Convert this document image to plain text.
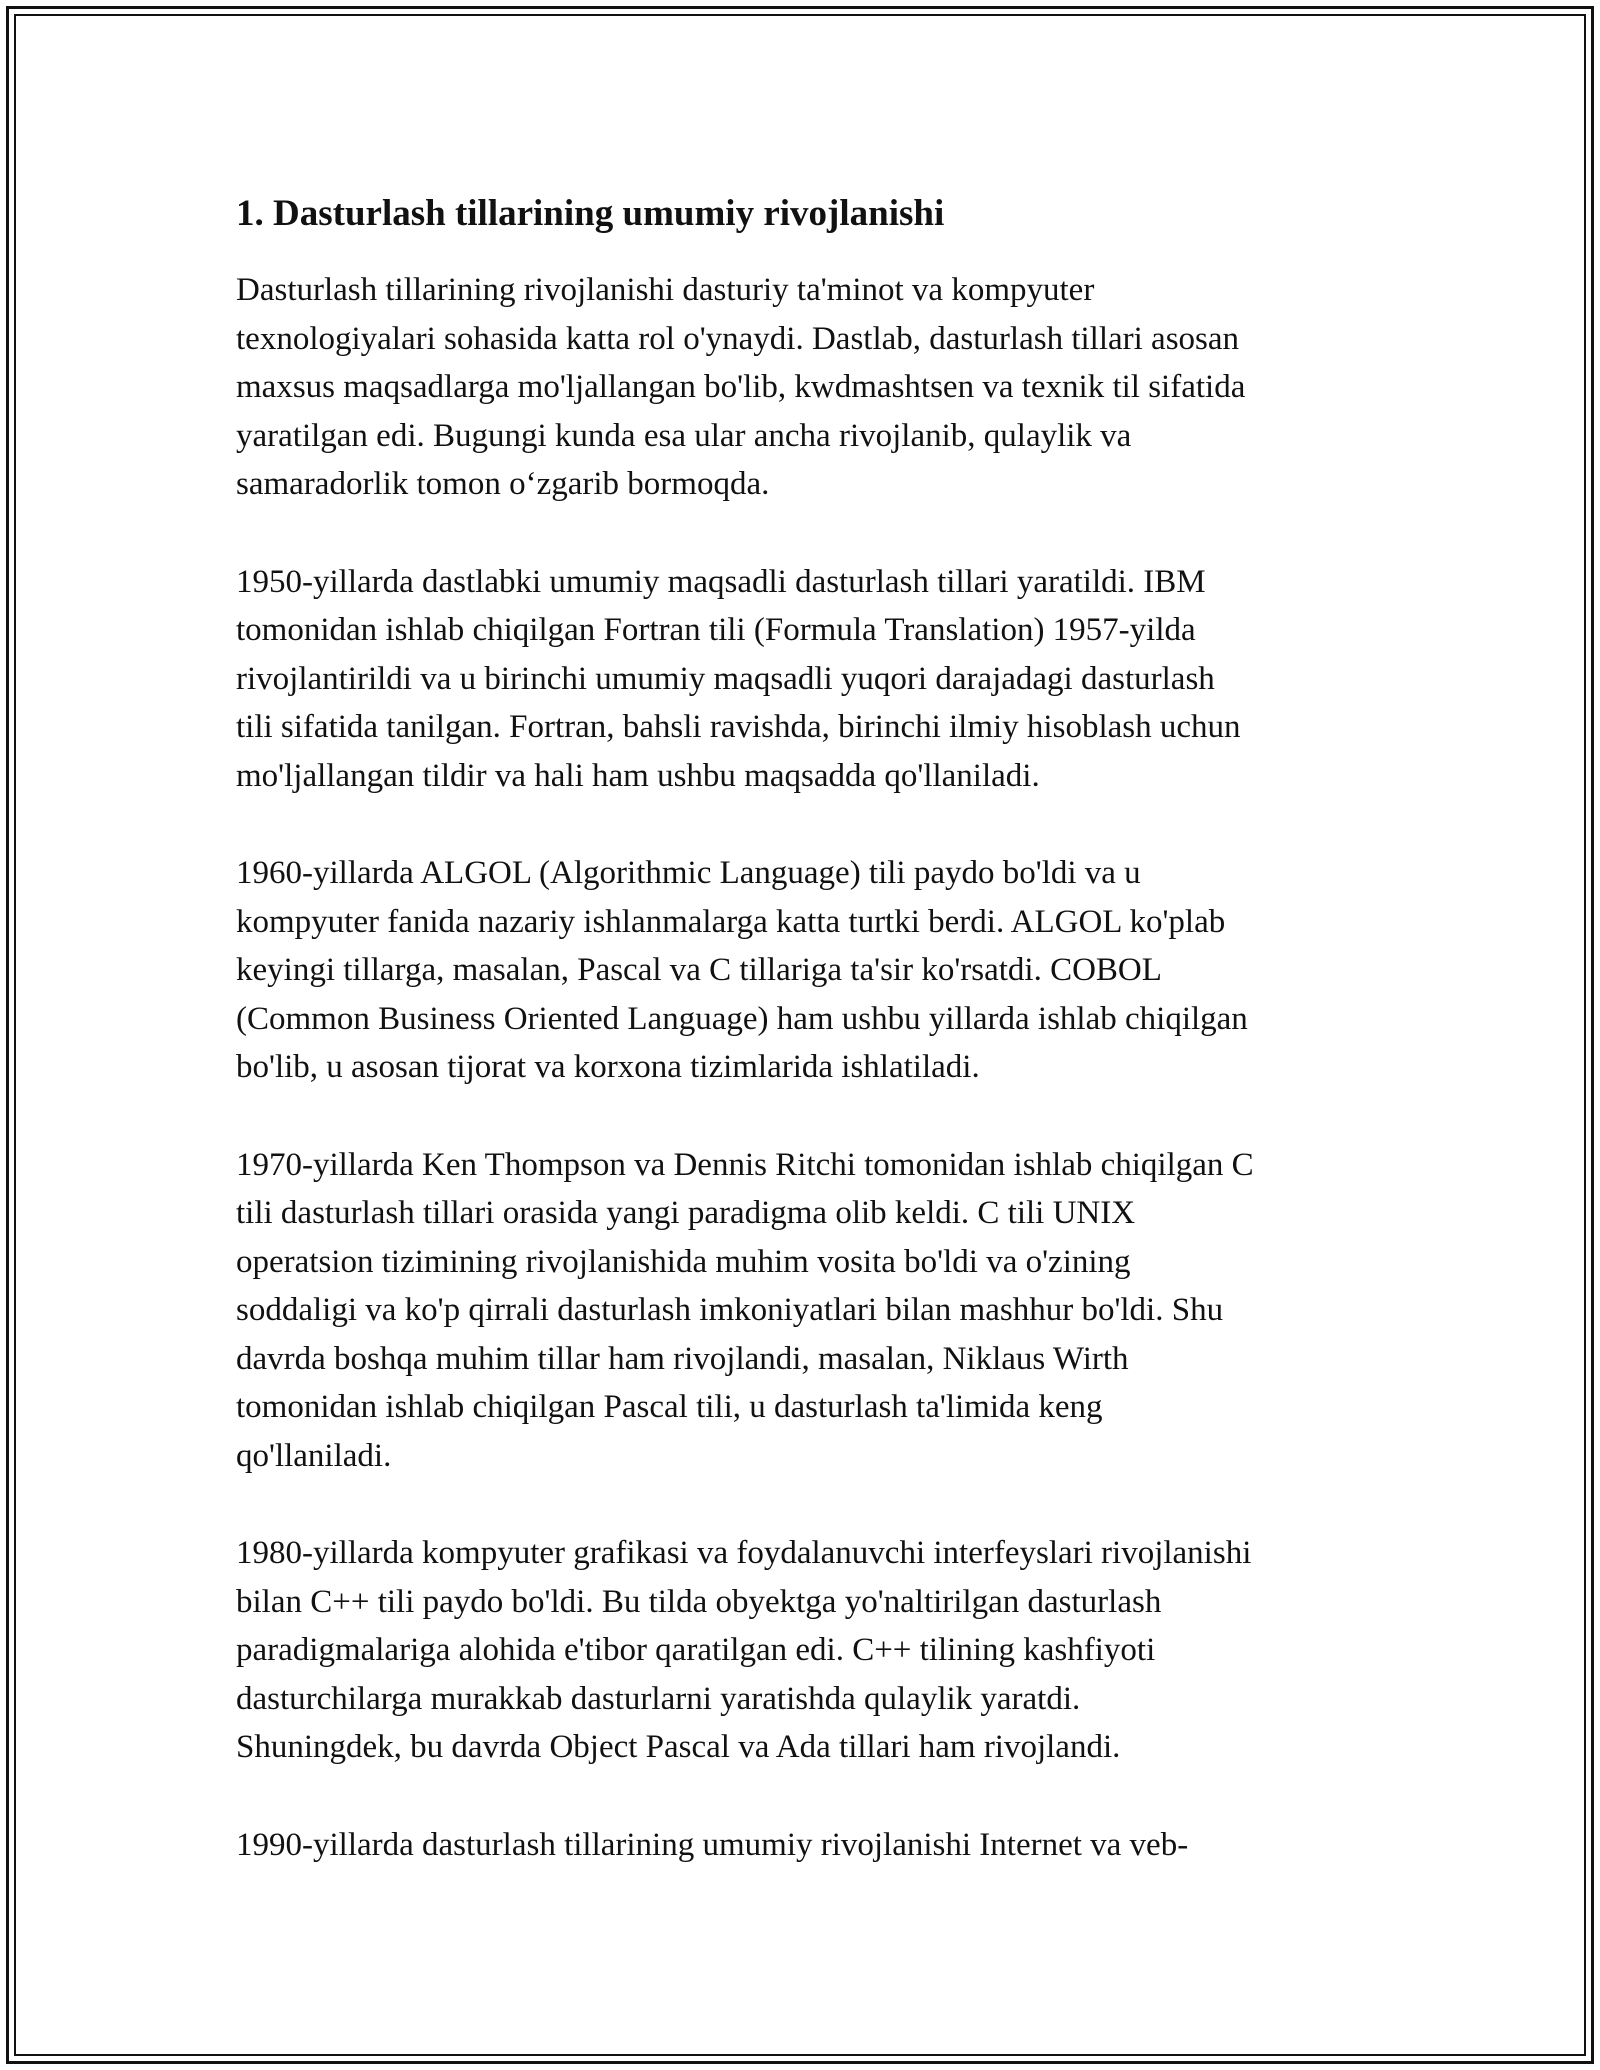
1. Dasturlash tillarining umumiy rivojlanishi

Dasturlash tillarining rivojlanishi dasturiy ta'minot va kompyuter
texnologiyalari sohasida katta rol o'ynaydi. Dastlab, dasturlash tillari asosan
maxsus maqsadlarga mo'ljallangan bo'lib, kwdmashtsen va texnik til sifatida
yaratilgan edi. Bugungi kunda esa ular ancha rivojlanib, qulaylik va
samaradorlik tomon o‘zgarib bormoqda.

1950-yillarda dastlabki umumiy maqsadli dasturlash tillari yaratildi. IBM
tomonidan ishlab chiqilgan Fortran tili (Formula Translation) 1957-yilda
rivojlantirildi va u birinchi umumiy maqsadli yuqori darajadagi dasturlash
tili sifatida tanilgan. Fortran, bahsli ravishda, birinchi ilmiy hisoblash uchun
mo'ljallangan tildir va hali ham ushbu maqsadda qo'llaniladi.

1960-yillarda ALGOL (Algorithmic Language) tili paydo bo'ldi va u
kompyuter fanida nazariy ishlanmalarga katta turtki berdi. ALGOL ko'plab
keyingi tillarga, masalan, Pascal va C tillariga ta'sir ko'rsatdi. COBOL
(Common Business Oriented Language) ham ushbu yillarda ishlab chiqilgan
bo'lib, u asosan tijorat va korxona tizimlarida ishlatiladi.

1970-yillarda Ken Thompson va Dennis Ritchi tomonidan ishlab chiqilgan C
tili dasturlash tillari orasida yangi paradigma olib keldi. C tili UNIX
operatsion tizimining rivojlanishida muhim vosita bo'ldi va o'zining
soddaligi va ko'p qirrali dasturlash imkoniyatlari bilan mashhur bo'ldi. Shu
davrda boshqa muhim tillar ham rivojlandi, masalan, Niklaus Wirth
tomonidan ishlab chiqilgan Pascal tili, u dasturlash ta'limida keng
qo'llaniladi.

1980-yillarda kompyuter grafikasi va foydalanuvchi interfeyslari rivojlanishi
bilan C++ tili paydo bo'ldi. Bu tilda obyektga yo'naltirilgan dasturlash
paradigmalariga alohida e'tibor qaratilgan edi. C++ tilining kashfiyoti
dasturchilarga murakkab dasturlarni yaratishda qulaylik yaratdi.
Shuningdek, bu davrda Object Pascal va Ada tillari ham rivojlandi.

1990-yillarda dasturlash tillarining umumiy rivojlanishi Internet va veb-
